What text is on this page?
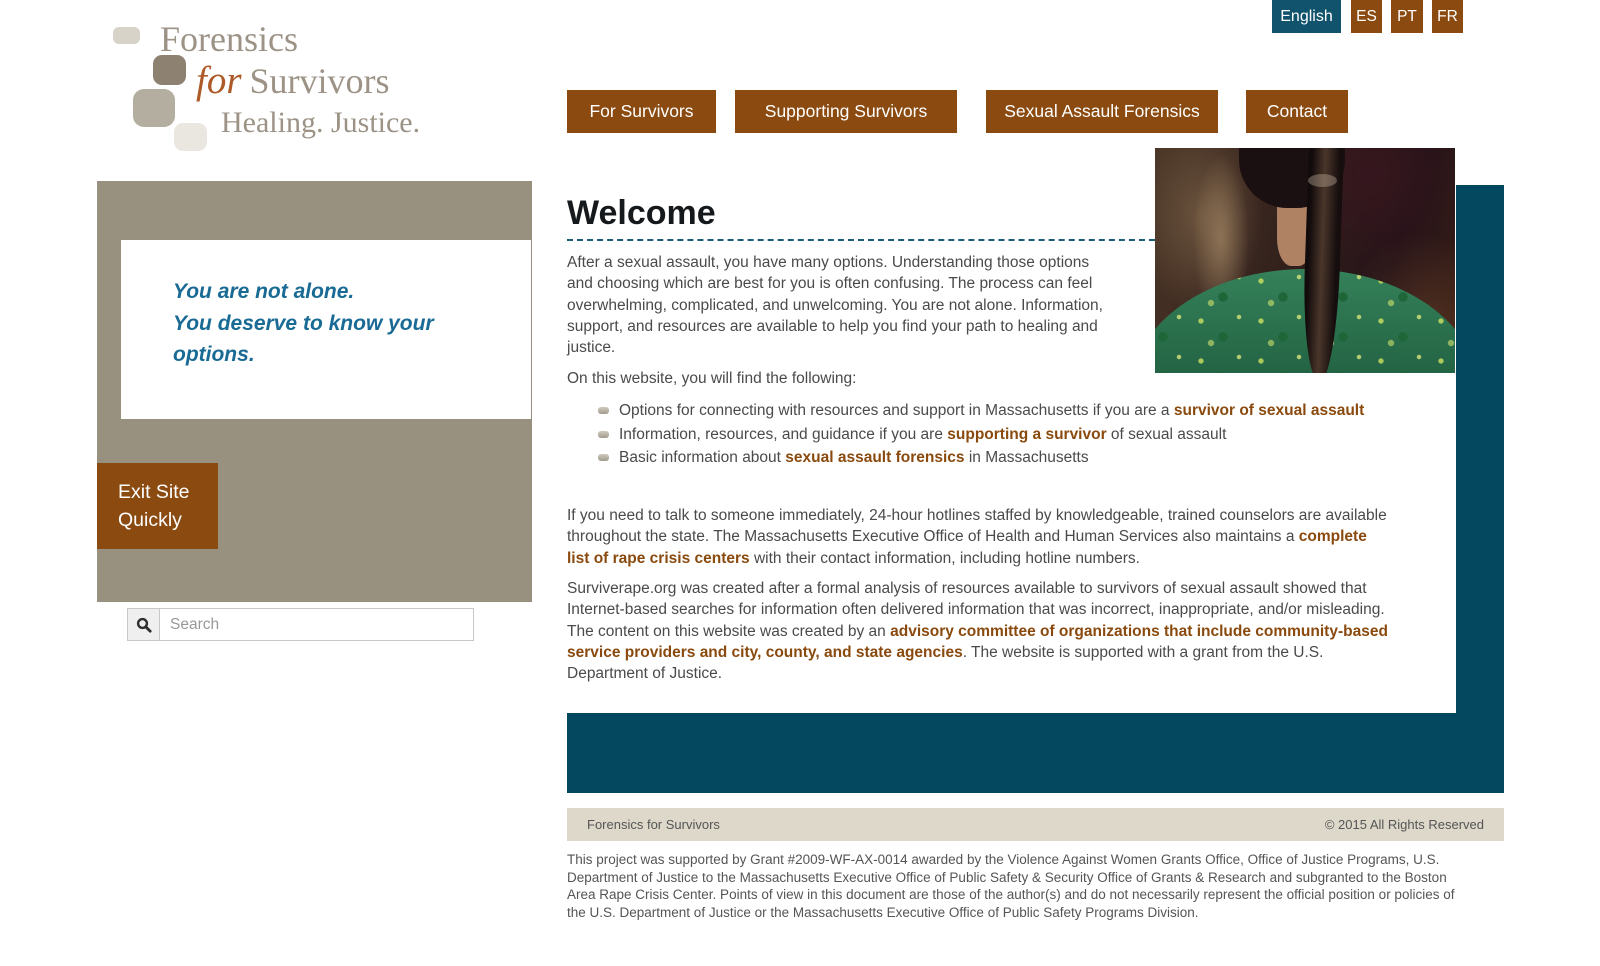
Forensics
for Survivors
Healing. Justice.
English	ES	PT	FR
For Survivors	Supporting Survivors	Sexual Assault Forensics	Contact
You are not alone.
You deserve to know your options.
Exit Site Quickly
Search
Welcome

After a sexual assault, you have many options. Understanding those options and choosing which are best for you is often confusing. The process can feel overwhelming, complicated, and unwelcoming. You are not alone. Information, support, and resources are available to help you find your path to healing and justice.

On this website, you will find the following:

Options for connecting with resources and support in Massachusetts if you are a survivor of sexual assault
Information, resources, and guidance if you are supporting a survivor of sexual assault
Basic information about sexual assault forensics in Massachusetts

If you need to talk to someone immediately, 24-hour hotlines staffed by knowledgeable, trained counselors are available throughout the state. The Massachusetts Executive Office of Health and Human Services also maintains a complete list of rape crisis centers with their contact information, including hotline numbers.

Surviverape.org was created after a formal analysis of resources available to survivors of sexual assault showed that Internet-based searches for information often delivered information that was incorrect, inappropriate, and/or misleading. The content on this website was created by an advisory committee of organizations that include community-based service providers and city, county, and state agencies. The website is supported with a grant from the U.S. Department of Justice.

Forensics for Survivors	© 2015 All Rights Reserved

This project was supported by Grant #2009-WF-AX-0014 awarded by the Violence Against Women Grants Office, Office of Justice Programs, U.S. Department of Justice to the Massachusetts Executive Office of Public Safety & Security Office of Grants & Research and subgranted to the Boston Area Rape Crisis Center. Points of view in this document are those of the author(s) and do not necessarily represent the official position or policies of the U.S. Department of Justice or the Massachusetts Executive Office of Public Safety Programs Division.
